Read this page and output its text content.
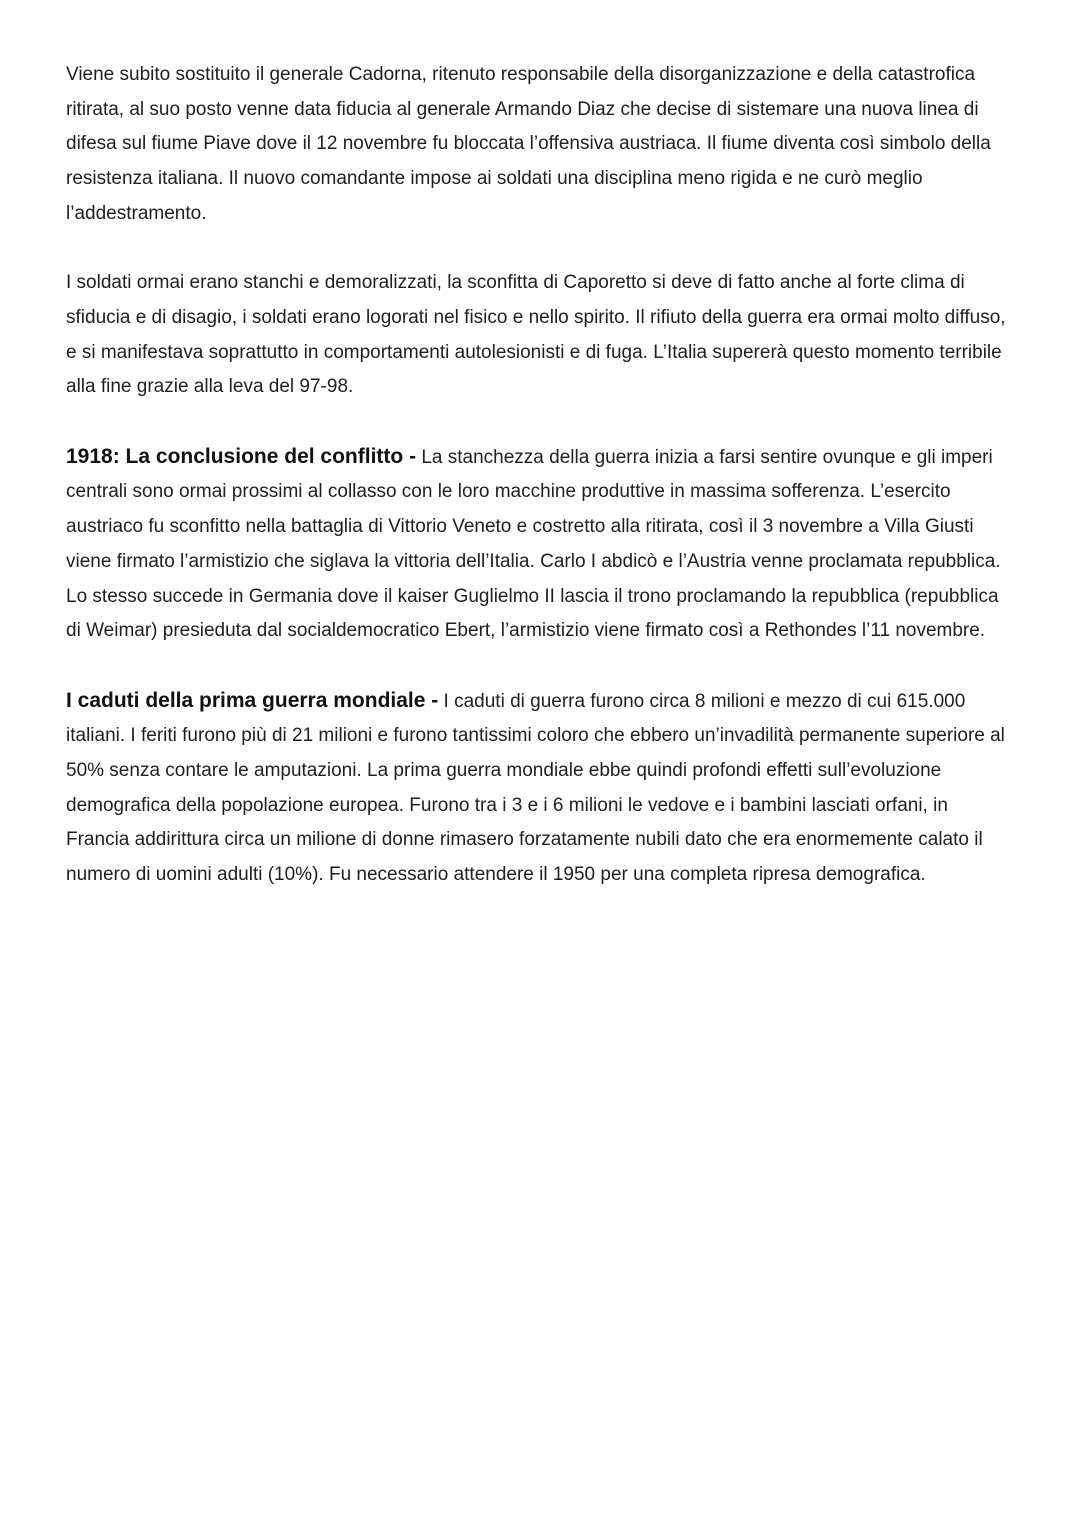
Viene subito sostituito il generale Cadorna, ritenuto responsabile della disorganizzazione e della catastrofica ritirata, al suo posto venne data fiducia al generale Armando Diaz che decise di sistemare una nuova linea di difesa sul fiume Piave dove il 12 novembre fu bloccata l’offensiva austriaca. Il fiume diventa così simbolo della resistenza italiana. Il nuovo comandante impose ai soldati una disciplina meno rigida e ne curò meglio l’addestramento.

I soldati ormai erano stanchi e demoralizzati, la sconfitta di Caporetto si deve di fatto anche al forte clima di sfiducia e di disagio, i soldati erano logorati nel fisico e nello spirito. Il rifiuto della guerra era ormai molto diffuso, e si manifestava soprattutto in comportamenti autolesionisti e di fuga. L’Italia supererà questo momento terribile alla fine grazie alla leva del 97-98.

1918: La conclusione del conflitto - La stanchezza della guerra inizia a farsi sentire ovunque e gli imperi centrali sono ormai prossimi al collasso con le loro macchine produttive in massima sofferenza. L’esercito austriaco fu sconfitto nella battaglia di Vittorio Veneto e costretto alla ritirata, così il 3 novembre a Villa Giusti viene firmato l’armistizio che siglava la vittoria dell’Italia. Carlo I abdicò e l’Austria venne proclamata repubblica. Lo stesso succede in Germania dove il kaiser Guglielmo II lascia il trono proclamando la repubblica (repubblica di Weimar) presieduta dal socialdemocratico Ebert, l’armistizio viene firmato così a Rethondes l’11 novembre.

I caduti della prima guerra mondiale - I caduti di guerra furono circa 8 milioni e mezzo di cui 615.000 italiani. I feriti furono più di 21 milioni e furono tantissimi coloro che ebbero un’invadilità permanente superiore al 50% senza contare le amputazioni. La prima guerra mondiale ebbe quindi profondi effetti sull’evoluzione demografica della popolazione europea. Furono tra i 3 e i 6 milioni le vedove e i bambini lasciati orfani, in Francia addirittura circa un milione di donne rimasero forzatamente nubili dato che era enormemente calato il numero di uomini adulti (10%). Fu necessario attendere il 1950 per una completa ripresa demografica.
